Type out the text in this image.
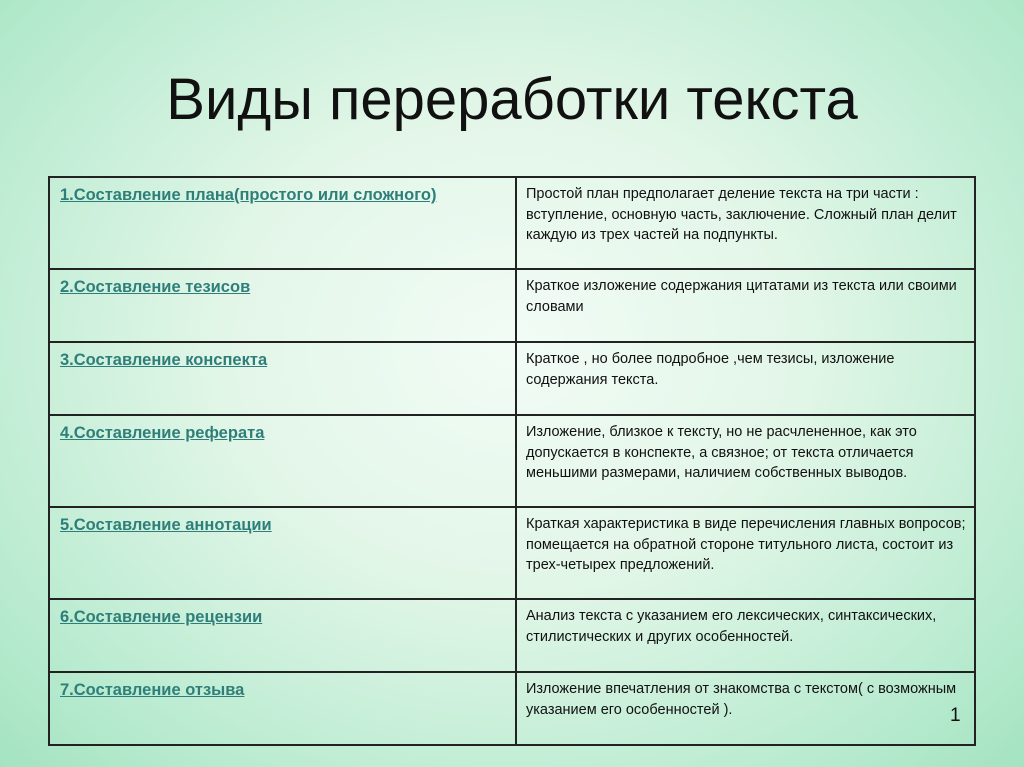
Виды переработки текста
1.Составление плана(простого или сложного)	Простой план предполагает деление текста на три части : вступление, основную часть, заключение. Сложный план делит каждую из трех частей на подпункты.
2.Составление тезисов	Краткое изложение содержания цитатами из текста или своими словами
3.Составление конспекта	Краткое , но более подробное ,чем тезисы, изложение содержания текста.
4.Составление реферата	Изложение, близкое к тексту, но не расчлененное, как это допускается в конспекте, а связное; от текста отличается меньшими размерами, наличием собственных выводов.
5.Составление аннотации	Краткая характеристика в виде перечисления главных вопросов; помещается на обратной стороне титульного листа, состоит из трех-четырех предложений.
6.Составление рецензии	Анализ текста с указанием его лексических, синтаксических, стилистических и других особенностей.
7.Составление отзыва	Изложение впечатления от знакомства с текстом( с возможным указанием его особенностей ).	1
